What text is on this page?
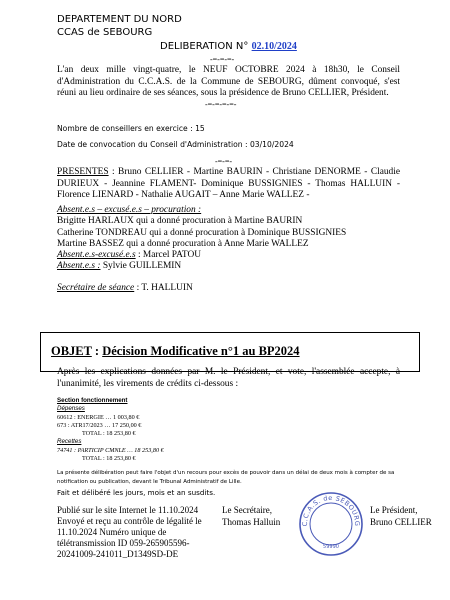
DEPARTEMENT DU NORD
CCAS de SEBOURG
DELIBERATION N° 02.10/2024
-=-=-=-

L'an deux mille vingt-quatre, le NEUF OCTOBRE 2024 à 18h30, le Conseil d'Administration du C.C.A.S. de la Commune de SEBOURG, dûment convoqué, s'est réuni au lieu ordinaire de ses séances, sous la présidence de Bruno CELLIER, Président.

-=-=-=-=-
Nombre de conseillers en exercice : 15
Date de convocation du Conseil d'Administration : 03/10/2024
-=-=-

PRESENTES : Bruno CELLIER - Martine BAURIN - Christiane DENORME - Claudie DURIEUX - Jeannine FLAMENT- Dominique BUSSIGNIES - Thomas HALLUIN - Florence LIENARD - Nathalie AUGAIT – Anne Marie WALLEZ -

Absent.e.s – excusé.e.s – procuration :
Brigitte HARLAUX qui a donné procuration à Martine BAURIN
Catherine TONDREAU qui a donné procuration à Dominique BUSSIGNIES
Martine BASSEZ qui a donné procuration à Anne Marie WALLEZ
Absent.e.s-excusé.e.s : Marcel PATOU
Absent.e.s : Sylvie GUILLEMIN
Secrétaire de séance : T. HALLUIN
OBJET : Décision Modificative n°1 au BP2024

Après les explications données par M. le Président, et vote, l'assemblée accepte, à l'unanimité, les virements de crédits ci-dessous :

Section fonctionnement
Dépenses
60612 : ENERGIE … 1 003,80 €
673 : ATR17/2023 … 17 250,00 €
TOTAL : 18 253,80 €
Recettes
74741 : PARTICIP CMNLE … 18 253,80 €
TOTAL : 18 253,80 €

La présente délibération peut faire l'objet d'un recours pour excès de pouvoir dans un délai de deux mois à compter de sa notification ou publication, devant le Tribunal Administratif de Lille.

Fait et délibéré les jours, mois et an susdits.

Publié sur le site Internet le 11.10.2024 Envoyé et reçu au contrôle de légalité le 11.10.2024 Numéro unique de télétransmission ID 059-265905596-20241009-241011_D1349SD-DE

Le Secrétaire,
Thomas Halluin	C.C.A.S. de SEBOURG
59990
Le Président,
Bruno CELLIER
